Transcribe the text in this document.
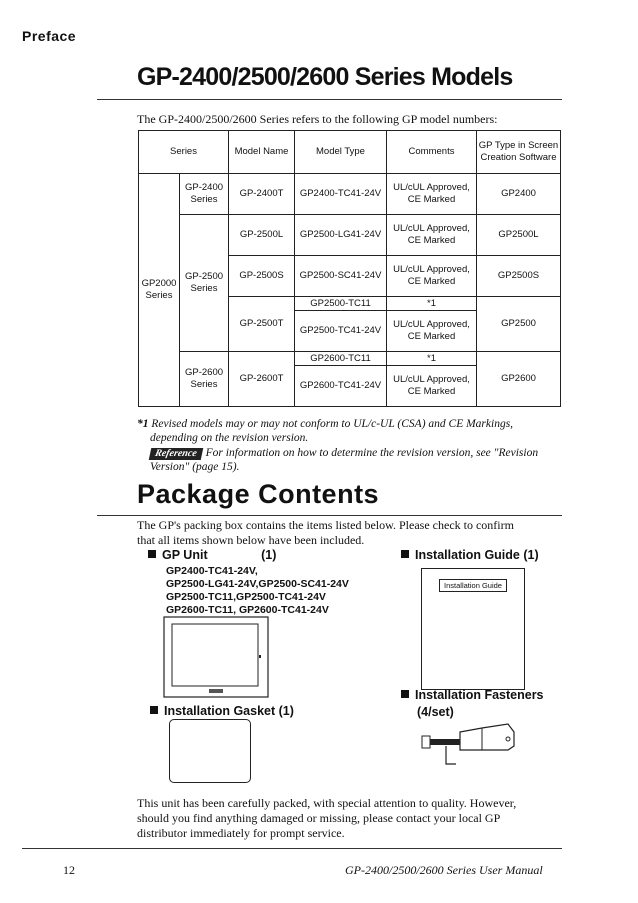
Preface
GP-2400/2500/2600 Series Models
The GP-2400/2500/2600 Series refers to the following GP model numbers:
Series		Model Name	Model Type	Comments	GP Type in Screen Creation Software
GP2000 Series	GP-2400 Series	GP-2400T	GP2400-TC41-24V	UL/cUL Approved, CE Marked	GP2400
	GP-2500 Series	GP-2500L	GP2500-LG41-24V	UL/cUL Approved, CE Marked	GP2500L
		GP-2500S	GP2500-SC41-24V	UL/cUL Approved, CE Marked	GP2500S
		GP-2500T	GP2500-TC11	*1	GP2500
			GP2500-TC41-24V	UL/cUL Approved, CE Marked	
	GP-2600 Series	GP-2600T	GP2600-TC11	*1	GP2600
			GP2600-TC41-24V	UL/cUL Approved, CE Marked	
*1 Revised models may or may not conform to UL/c-UL (CSA) and CE Markings,
depending on the revision version.
Reference For information on how to determine the revision version, see "Revision
Version" (page 15).
Package Contents
The GP's packing box contains the items listed below. Please check to confirm
that all items shown below have been included.
GP Unit	(1)
GP2400-TC41-24V,
GP2500-LG41-24V,GP2500-SC41-24V
GP2500-TC11,GP2500-TC41-24V
GP2600-TC11, GP2600-TC41-24V
Installation Guide (1)
Installation Guide
Installation Fasteners
(4/set)
Installation Gasket (1)
This unit has been carefully packed, with special attention to quality. However,
should you find anything damaged or missing, please contact your local GP
distributor immediately for prompt service.
12	GP-2400/2500/2600 Series User Manual
